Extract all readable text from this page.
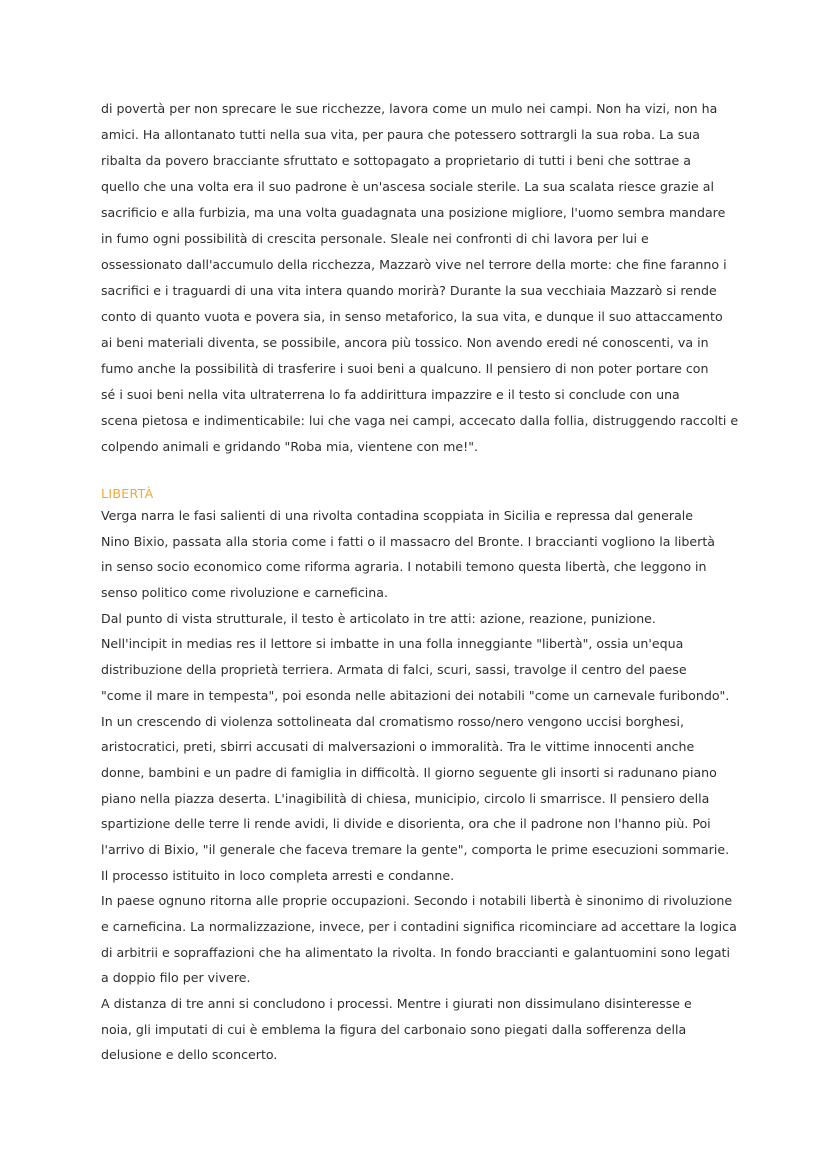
di povertà per non sprecare le sue ricchezze, lavora come un mulo nei campi. Non ha vizi, non ha
amici. Ha allontanato tutti nella sua vita, per paura che potessero sottrargli la sua roba. La sua
ribalta da povero bracciante sfruttato e sottopagato a proprietario di tutti i beni che sottrae a
quello che una volta era il suo padrone è un'ascesa sociale sterile. La sua scalata riesce grazie al
sacrificio e alla furbizia, ma una volta guadagnata una posizione migliore, l'uomo sembra mandare
in fumo ogni possibilità di crescita personale. Sleale nei confronti di chi lavora per lui e
ossessionato dall'accumulo della ricchezza, Mazzarò vive nel terrore della morte: che fine faranno i
sacrifici e i traguardi di una vita intera quando morirà? Durante la sua vecchiaia Mazzarò si rende
conto di quanto vuota e povera sia, in senso metaforico, la sua vita, e dunque il suo attaccamento
ai beni materiali diventa, se possibile, ancora più tossico. Non avendo eredi né conoscenti, va in
fumo anche la possibilità di trasferire i suoi beni a qualcuno. Il pensiero di non poter portare con
sé i suoi beni nella vita ultraterrena lo fa addirittura impazzire e il testo si conclude con una
scena pietosa e indimenticabile: lui che vaga nei campi, accecato dalla follia, distruggendo raccolti e
colpendo animali e gridando "Roba mia, vientene con me!".
LIBERTÀ
Verga narra le fasi salienti di una rivolta contadina scoppiata in Sicilia e repressa dal generale
Nino Bixio, passata alla storia come i fatti o il massacro del Bronte. I braccianti vogliono la libertà
in senso socio economico come riforma agraria. I notabili temono questa libertà, che leggono in
senso politico come rivoluzione e carneficina.
Dal punto di vista strutturale, il testo è articolato in tre atti: azione, reazione, punizione.
Nell'incipit in medias res il lettore si imbatte in una folla inneggiante "libertà", ossia un'equa
distribuzione della proprietà terriera. Armata di falci, scuri, sassi, travolge il centro del paese
"come il mare in tempesta", poi esonda nelle abitazioni dei notabili "come un carnevale furibondo".
In un crescendo di violenza sottolineata dal cromatismo rosso/nero vengono uccisi borghesi,
aristocratici, preti, sbirri accusati di malversazioni o immoralità. Tra le vittime innocenti anche
donne, bambini e un padre di famiglia in difficoltà. Il giorno seguente gli insorti si radunano piano
piano nella piazza deserta. L'inagibilità di chiesa, municipio, circolo li smarrisce. Il pensiero della
spartizione delle terre li rende avidi, li divide e disorienta, ora che il padrone non l'hanno più. Poi
l'arrivo di Bixio, "il generale che faceva tremare la gente", comporta le prime esecuzioni sommarie.
Il processo istituito in loco completa arresti e condanne.
In paese ognuno ritorna alle proprie occupazioni. Secondo i notabili libertà è sinonimo di rivoluzione
e carneficina. La normalizzazione, invece, per i contadini significa ricominciare ad accettare la logica
di arbitrii e sopraffazioni che ha alimentato la rivolta. In fondo braccianti e galantuomini sono legati
a doppio filo per vivere.
A distanza di tre anni si concludono i processi. Mentre i giurati non dissimulano disinteresse e
noia, gli imputati di cui è emblema la figura del carbonaio sono piegati dalla sofferenza della
delusione e dello sconcerto.
